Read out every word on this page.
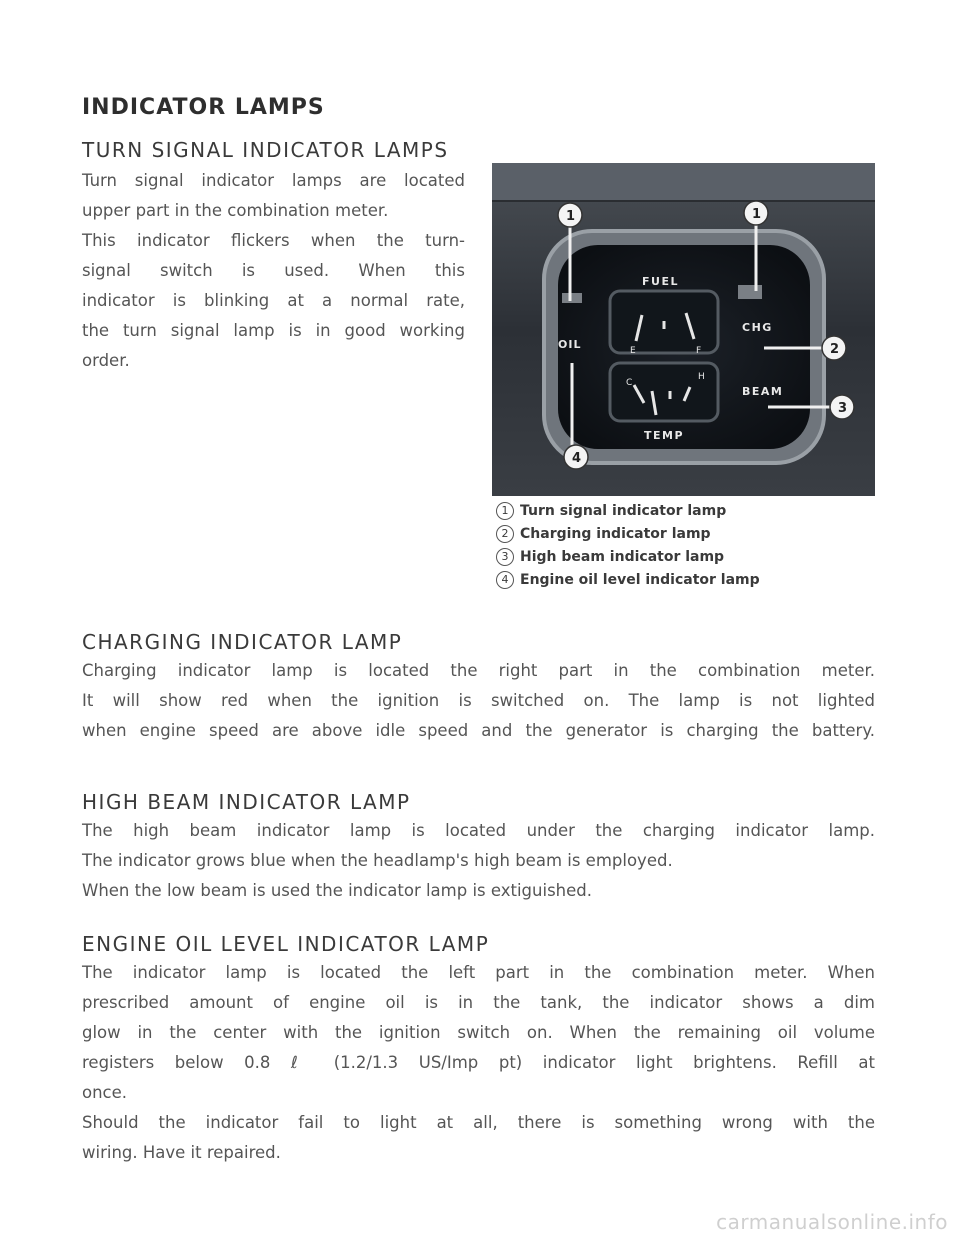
INDICATOR LAMPS
TURN SIGNAL INDICATOR LAMPS
Turn signal indicator lamps are located
upper part in the combination meter.
This indicator flickers when the turn-
signal switch is used. When this
indicator is blinking at a normal rate,
the turn signal lamp is in good working
order.
FUEL
TEMP
OIL
CHG
BEAM
E	F
C
H
1	1
2
3
4
1 Turn signal indicator lamp
2 Charging indicator lamp
3 High beam indicator lamp
4 Engine oil level indicator lamp
CHARGING INDICATOR LAMP
Charging indicator lamp is located the right part in the combination meter.
It will show red when the ignition is switched on. The lamp is not lighted
when engine speed are above idle speed and the generator is charging the battery.
HIGH BEAM INDICATOR LAMP
The high beam indicator lamp is located under the charging indicator lamp.
The indicator grows blue when the headlamp's high beam is employed.
When the low beam is used the indicator lamp is extiguished.
ENGINE OIL LEVEL INDICATOR LAMP
The indicator lamp is located the left part in the combination meter. When
prescribed amount of engine oil is in the tank, the indicator shows a dim
glow in the center with the ignition switch on. When the remaining oil volume
registers below 0.8 ℓ (1.2/1.3 US/Imp pt) indicator light brightens. Refill at
once.
Should the indicator fail to light at all, there is something wrong with the
wiring. Have it repaired.
carmanualsonline.info
